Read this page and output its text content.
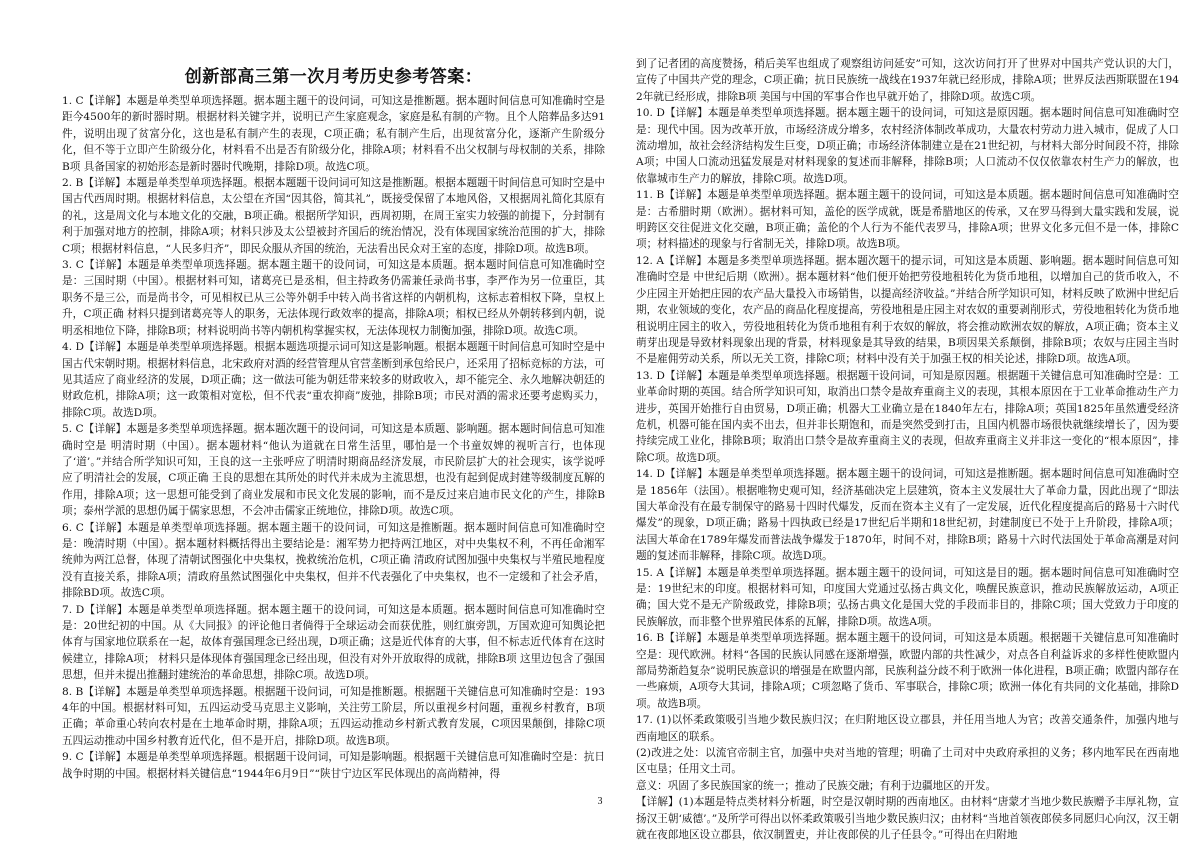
创新部高三第一次月考历史参考答案：

1. C【详解】本题是单类型单项选择题。据本题主题干的设问词，可知这是推断题。据本题时间信息可知准确时空是 距今4500年的新时器时期。根据材料关键字并，说明已产生家庭观念，家庭是私有制的产物。且个人陪葬品多达91件，说明出现了贫富分化，这也是私有制产生的表现，C项正确；私有制产生后，出现贫富分化，逐渐产生阶级分化，但不等于立即产生阶级分化，材料看不出是否有阶级分化，排除A项；材料看不出父权制与母权制的关系，排除B项 具备国家的初始形态是新时器时代晚期，排除D项。故选C项。

2. B【详解】本题是单类型单项选择题。根据本题题干设问词可知这是推断题。根据本题题干时间信息可知时空是中国古代西周时期。根据材料信息，太公望在齐国“因其俗，简其礼”，既接受保留了本地风俗，又根据周礼简化其原有的礼，这是周文化与本地文化的交融，B项正确。根据所学知识，西周初期，在周王室实力较强的前提下，分封制有利于加强对地方的控制，排除A项；材料只涉及太公望被封齐国后的统治情况，没有体现国家统治范围的扩大，排除C项；根据材料信息，“人民多归齐”，即民众服从齐国的统治，无法看出民众对王室的态度，排除D项。故选B项。

3. C【详解】本题是单类型单项选择题。据本题主题干的设问词，可知这是本质题。据本题时间信息可知准确时空是：三国时期（中国）。根据材料可知，诸葛亮已是丞相，但主持政务仍需兼任录尚书事，李严作为另一位重臣，其职务不是三公，而是尚书令，可见相权已从三公等外朝手中转入尚书省这样的内朝机构，这标志着相权下降，皇权上升，C项正确 材料只提到诸葛亮等人的职务，无法体现行政效率的提高，排除A项；相权已经从外朝转移到内朝，说明丞相地位下降，排除B项；材料说明尚书等内朝机构掌握实权，无法体现权力制衡加强，排除D项。故选C项。

4. D【详解】本题是单类型单项选择题。根据本题选项提示词可知这是影响题。根据本题题干时间信息可知时空是中国古代宋朝时期。根据材料信息，北宋政府对酒的经营管理从官营垄断到承包给民户，还采用了招标竞标的方法，可见其适应了商业经济的发展，D项正确；这一做法可能为朝廷带来较多的财政收入，却不能完全、永久地解决朝廷的财政危机，排除A项；这一政策相对宽松，但不代表“重农抑商”废弛，排除B项；市民对酒的需求还要考虑购买力，排除C项。故选D项。

5. C【详解】本题是多类型单项选择题。据本题次题干的设问词，可知这是本质题、影响题。据本题时间信息可知准确时空是 明清时期（中国）。据本题材料“他认为道就在日常生活里，哪怕是一个书童奴婢的视听言行，也体现了‘道’。”并结合所学知识可知，王良的这一主张呼应了明清时期商品经济发展，市民阶层扩大的社会现实，该学说呼应了明清社会的发展，C项正确 王良的思想在其所处的时代并未成为主流思想，也没有起到促成封建等级制度瓦解的作用，排除A项；这一思想可能受到了商业发展和市民文化发展的影响，而不是反过来启迪市民文化的产生，排除B项；泰州学派的思想仍属于儒家思想，不会冲击儒家正统地位，排除D项。故选C项。

6. C【详解】本题是单类型单项选择题。据本题主题干的设问词，可知这是推断题。据本题时间信息可知准确时空是：晚清时期（中国）。据本题材料概括得出主要结论是：湘军势力把持两江地区，对中央集权不利，不再任命湘军统帅为两江总督，体现了清朝试图强化中央集权，挽救统治危机，C项正确 清政府试图加强中央集权与半殖民地程度没有直接关系，排除A项；清政府虽然试图强化中央集权，但并不代表强化了中央集权，也不一定缓和了社会矛盾，排除BD项。故选C项。

7. D【详解】本题是单类型单项选择题。据本题主题干的设问词，可知这是本质题。据本题时间信息可知准确时空是：20世纪初的中国。从《大同报》的评论他日者倘得于全球运动会而获优胜，则红旗旁凯，万国欢迎可知舆论把体育与国家地位联系在一起，故体育强国理念已经出现，D项正确；这是近代体育的大事，但不标志近代体育在这时候建立，排除A项； 材料只是体现体育强国理念已经出现，但没有对外开放取得的成就，排除B项 这里边包含了强国思想，但并未提出推翻封建统治的革命思想，排除C项。故选D项。

8. B【详解】本题是单类型单项选择题。根据题干设问词，可知是推断题。根据题干关键信息可知准确时空是：1934年的中国。根据材料可知，五四运动受马克思主义影响，关注劳工阶层，所以重视乡村问题，重视乡村教育，B项正确；革命重心转向农村是在土地革命时期，排除A项；五四运动推动乡村新式教育发展，C项因果颠倒，排除C项 五四运动推动中国乡村教育近代化，但不是开启，排除D项。故选B项。

9. C【详解】本题是单类型单项选择题。根据题干设问词，可知是影响题。根据题干关键信息可知准确时空是：抗日战争时期的中国。根据材料关键信息“1944年6月9日”“陕甘宁边区军民体现出的高尚精神，得

到了记者团的高度赞扬，稍后美军也组成了观察组访问延安”可知，这次访问打开了世界对中国共产党认识的大门，宣传了中国共产党的理念，C项正确；抗日民族统一战线在1937年就已经形成，排除A项；世界反法西斯联盟在1942年就已经形成，排除B项 美国与中国的军事合作也早就开始了，排除D项。故选C项。

10. D【详解】本题是单类型单项选择题。据本题主题干的设问词，可知这是原因题。据本题时间信息可知准确时空是：现代中国。因为改革开放，市场经济成分增多，农村经济体制改革成功，大量农村劳动力进入城市，促成了人口流动增加，故社会经济结构发生巨变，D项正确；市场经济体制建立是在21世纪初，与材料大部分时间段不符，排除A项；中国人口流动迅猛发展是对材料现象的复述而非解释，排除B项；人口流动不仅仅依靠农村生产力的解放，也依靠城市生产力的解放，排除C项。故选D项。

11. B【详解】本题是单类型单项选择题。据本题主题干的设问词，可知这是本质题。据本题时间信息可知准确时空是：古希腊时期（欧洲）。据材料可知，盖伦的医学成就，既是希腊地区的传承，又在罗马得到大量实践和发展，说明跨区交往促进文化交融，B项正确；盖伦的个人行为不能代表罗马，排除A项；世界文化多元但不是一体，排除C项；材料描述的现象与行省制无关，排除D项。故选B项。

12. A【详解】本题是多类型单项选择题。据本题次题干的提示词，可知这是本质题、影响题。据本题时间信息可知准确时空是 中世纪后期（欧洲）。据本题材料“他们便开始把劳役地租转化为货币地租，以增加自己的货币收入，不少庄园主开始把庄园的农产品大量投入市场销售，以提高经济收益。”并结合所学知识可知，材料反映了欧洲中世纪后期，农业领域的变化，农产品的商品化程度提高，劳役地租是庄园主对农奴的重要剥削形式，劳役地租转化为货币地租说明庄园主的收入，劳役地租转化为货币地租有利于农奴的解放，将会推动欧洲农奴的解放，A项正确；资本主义萌芽出现是导致材料现象出现的背景，材料现象是其导致的结果，B项因果关系颠倒，排除B项；农奴与庄园主当时不是雇佣劳动关系，所以无关工资，排除C项；材料中没有关于加强王权的相关论述，排除D项。故选A项。

13. D【详解】本题是单类型单项选择题。根据题干设问词，可知是原因题。根据题干关键信息可知准确时空是：工业革命时期的英国。结合所学知识可知，取消出口禁令是故弃重商主义的表现，其根本原因在于工业革命推动生产力进步，英国开始推行自由贸易，D项正确；机器大工业确立是在1840年左右，排除A项；英国1825年虽然遭受经济危机，机器可能在国内卖不出去，但并非长期饱和，而是突然受到打击，且国内机器市场很快就继续增长了，因为要持续完成工业化，排除B项；取消出口禁令是故弃重商主义的表现，但故弃重商主义并非这一变化的“根本原因”，排除C项。故选D项。

14. D【详解】本题是单类型单项选择题。据本题主题干的设问词，可知这是推断题。据本题时间信息可知准确时空是 1856年（法国）。根据唯物史观可知，经济基础决定上层建筑，资本主义发展壮大了革命力量，因此出现了“即法国大革命没有在最专制保守的路易十四时代爆发，反而在资本主义有了一定发展，近代化程度提高后的路易十六时代爆发”的现象，D项正确；路易十四执政已经是17世纪后半期和18世纪初，封建制度已不处于上升阶段，排除A项；法国大革命在1789年爆发而普法战争爆发于1870年，时间不对，排除B项；路易十六时代法国处于革命高潮是对问题的复述而非解释，排除C项。故选D项。

15. A【详解】本题是单类型单项选择题。据本题主题干的设问词，可知这是目的题。据本题时间信息可知准确时空是：19世纪末的印度。根据材料可知，印度国大党通过弘扬古典文化，唤醒民族意识，推动民族解放运动，A项正确；国大党不是无产阶级政党，排除B项；弘扬古典文化是国大党的手段而非目的，排除C项；国大党致力于印度的民族解放，而非整个世界殖民体系的瓦解，排除D项。故选A项。

16. B【详解】本题是单类型单项选择题。据本题主题干的设问词，可知这是本质题。根据题干关键信息可知准确时空是：现代欧洲。材料“各国的民族认同感在逐渐增强，欧盟内部的共性减少，对点各自利益诉求的多样性使欧盟内部局势渐趋复杂”说明民族意识的增强是在欧盟内部，民族利益分歧不利于欧洲一体化进程，B项正确；欧盟内部存在一些麻烦，A项夸大其词，排除A项；C项忽略了货币、军事联合，排除C项；欧洲一体化有共同的文化基础，排除D项。故选B项。

17. (1)以怀柔政策吸引当地少数民族归汉；在归附地区设立郡县，并任用当地人为官；改善交通条件，加强内地与西南地区的联系。

(2)改进之处：以流官帝制主官，加强中央对当地的管理；明确了土司对中央政府承担的义务；移内地军民在西南地区屯垦；任用文土司。

意义：巩固了多民族国家的统一；推动了民族交融；有利于边疆地区的开发。

【详解】(1)本题是特点类材料分析题，时空是汉朝时期的西南地区。由材料“唐蒙才当地少数民族赠予丰厚礼物，宣扬汉王朝‘威德’。”及所学可得出以怀柔政策吸引当地少数民族归汉；由材料“当地首领夜郎侯多同愿归心向汉，汉王朝就在夜郎地区设立郡县，依汉制置吏，并让夜郎侯的儿子任县令。”可得出在归附地

3
